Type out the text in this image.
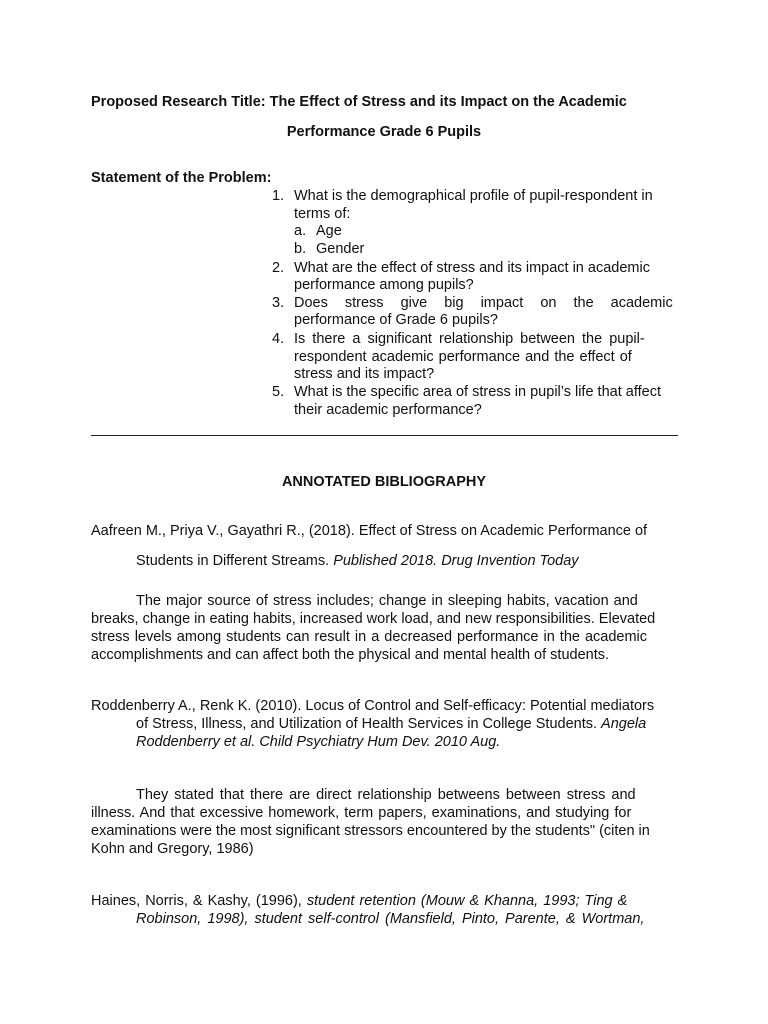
Proposed Research Title: The Effect of Stress and its Impact on the Academic
Performance Grade 6 Pupils
Statement of the Problem:
1. What is the demographical profile of pupil-respondent in
terms of:
a. Age
b. Gender
2. What are the effect of stress and its impact in academic
performance among pupils?
3. Does stress give big impact on the academic
performance of Grade 6 pupils?
4. Is there a significant relationship between the pupil-
respondent academic performance and the effect of
stress and its impact?
5. What is the specific area of stress in pupil’s life that affect
their academic performance?
ANNOTATED BIBLIOGRAPHY
Aafreen M., Priya V., Gayathri R., (2018). Effect of Stress on Academic Performance of
Students in Different Streams. Published 2018. Drug Invention Today
The major source of stress includes; change in sleeping habits, vacation and
breaks, change in eating habits, increased work load, and new responsibilities. Elevated
stress levels among students can result in a decreased performance in the academic
accomplishments and can affect both the physical and mental health of students.
Roddenberry A., Renk K. (2010). Locus of Control and Self-efficacy: Potential mediators
of Stress, Illness, and Utilization of Health Services in College Students. Angela
Roddenberry et al. Child Psychiatry Hum Dev. 2010 Aug.
They stated that there are direct relationship betweens between stress and
illness. And that excessive homework, term papers, examinations, and studying for
examinations were the most significant stressors encountered by the students" (citen in
Kohn and Gregory, 1986)
Haines, Norris, & Kashy, (1996), student retention (Mouw & Khanna, 1993; Ting &
Robinson, 1998), student self-control (Mansfield, Pinto, Parente, & Wortman,
